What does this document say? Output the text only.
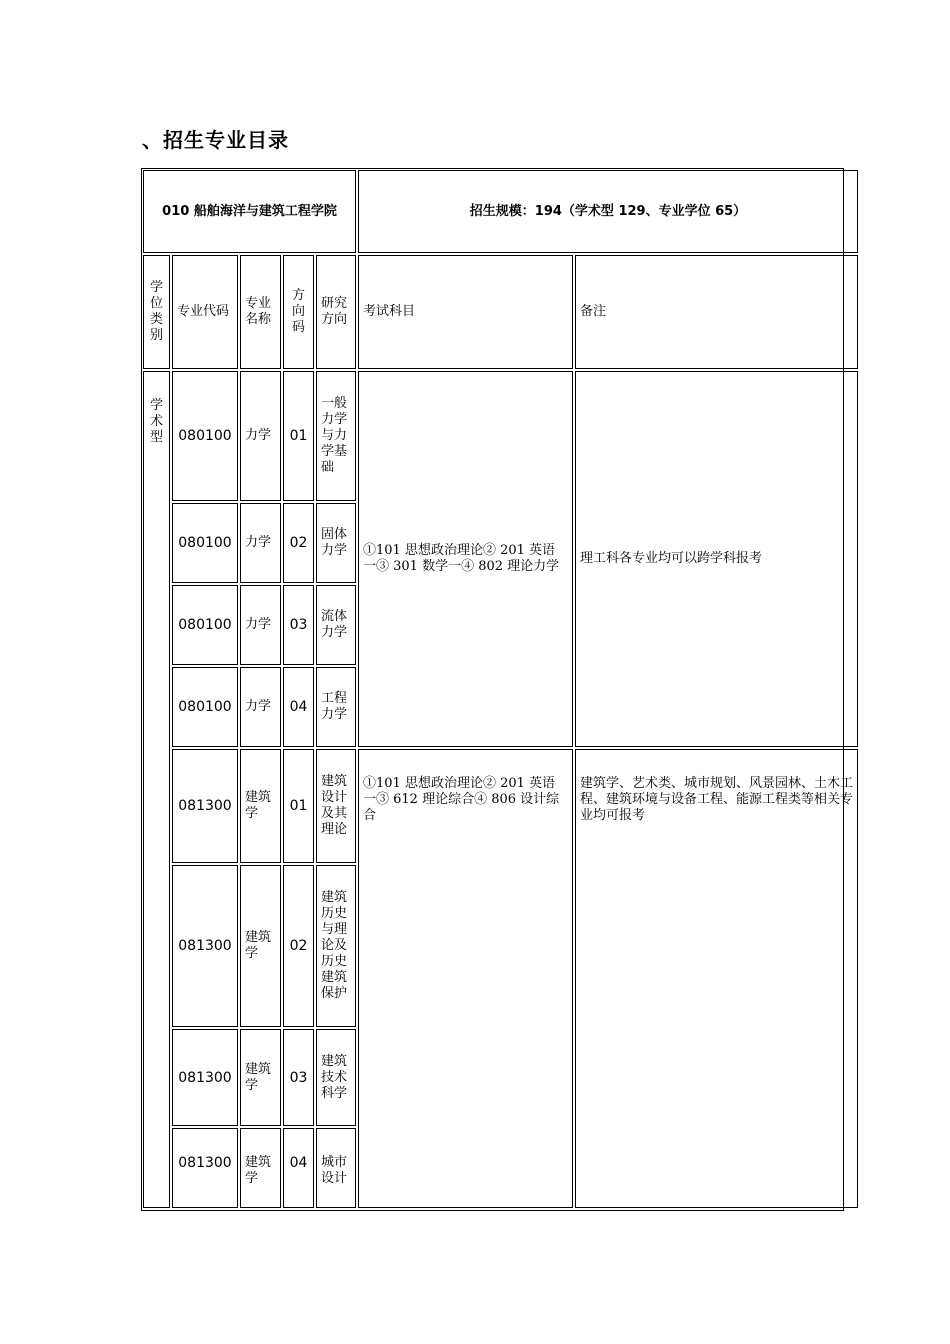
、招生专业目录
010 船舶海洋与建筑工程学院					招生规模：194（学术型 129、专业学位 65）	
学位类别	专业代码	专业名称	方向码	研究方向	考试科目	备注
学术型	080100	力学	01	一般力学与力学基础	①101 思想政治理论② 201 英语一③ 301 数学一④ 802 理论力学	理工科各专业均可以跨学科报考
	080100	力学	02	固体力学		
	080100	力学	03	流体力学		
	080100	力学	04	工程力学		
	081300	建筑学	01	建筑设计及其理论	①101 思想政治理论② 201 英语一③ 612 理论综合④ 806 设计综合	建筑学、艺术类、城市规划、风景园林、土木工程、建筑环境与设备工程、能源工程类等相关专业均可报考
	081300	建筑学	02	建筑历史与理论及历史建筑保护		
	081300	建筑学	03	建筑技术科学		
	081300	建筑学	04	城市设计		
